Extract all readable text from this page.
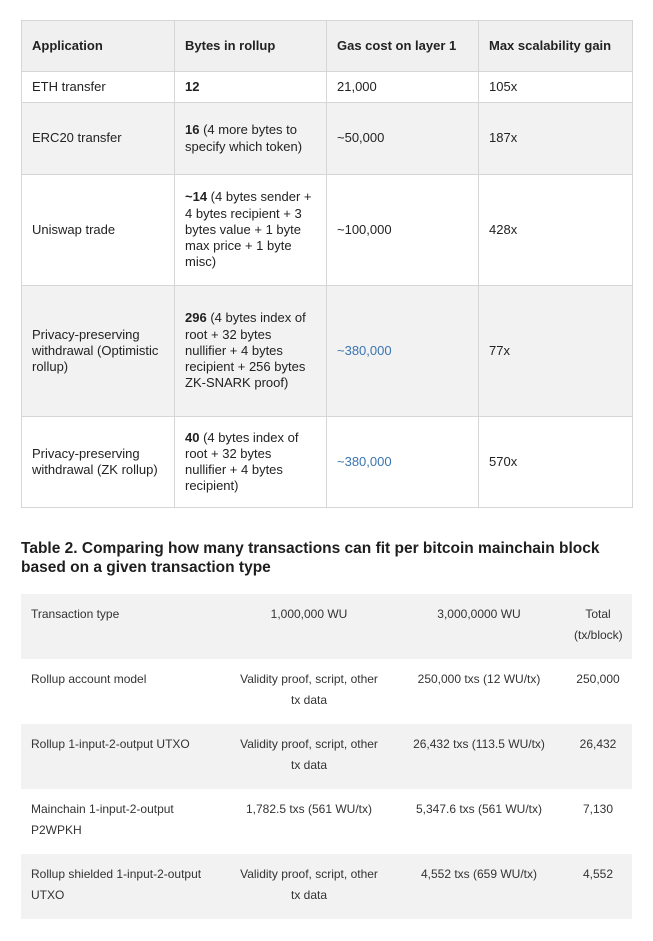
Application	Bytes in rollup	Gas cost on layer 1	Max scalability gain
ETH transfer	12	21,000	105x
ERC20 transfer	16 (4 more bytes to specify which token)	~50,000	187x
Uniswap trade	~14 (4 bytes sender + 4 bytes recipient + 3 bytes value + 1 byte max price + 1 byte misc)	~100,000	428x
Privacy-preserving withdrawal (Optimistic rollup)	296 (4 bytes index of root + 32 bytes nullifier + 4 bytes recipient + 256 bytes ZK-SNARK proof)	~380,000	77x
Privacy-preserving withdrawal (ZK rollup)	40 (4 bytes index of root + 32 bytes nullifier + 4 bytes recipient)	~380,000	570x
Table 2. Comparing how many transactions can fit per bitcoin mainchain block based on a given transaction type
Transaction type	1,000,000 WU	3,000,0000 WU	Total (tx/block)
Rollup account model	Validity proof, script, other tx data	250,000 txs (12 WU/tx)	250,000
Rollup 1-input-2-output UTXO	Validity proof, script, other tx data	26,432 txs (113.5 WU/tx)	26,432
Mainchain 1-input-2-output P2WPKH	1,782.5 txs (561 WU/tx)	5,347.6 txs (561 WU/tx)	7,130
Rollup shielded 1-input-2-output UTXO	Validity proof, script, other tx data	4,552 txs (659 WU/tx)	4,552
